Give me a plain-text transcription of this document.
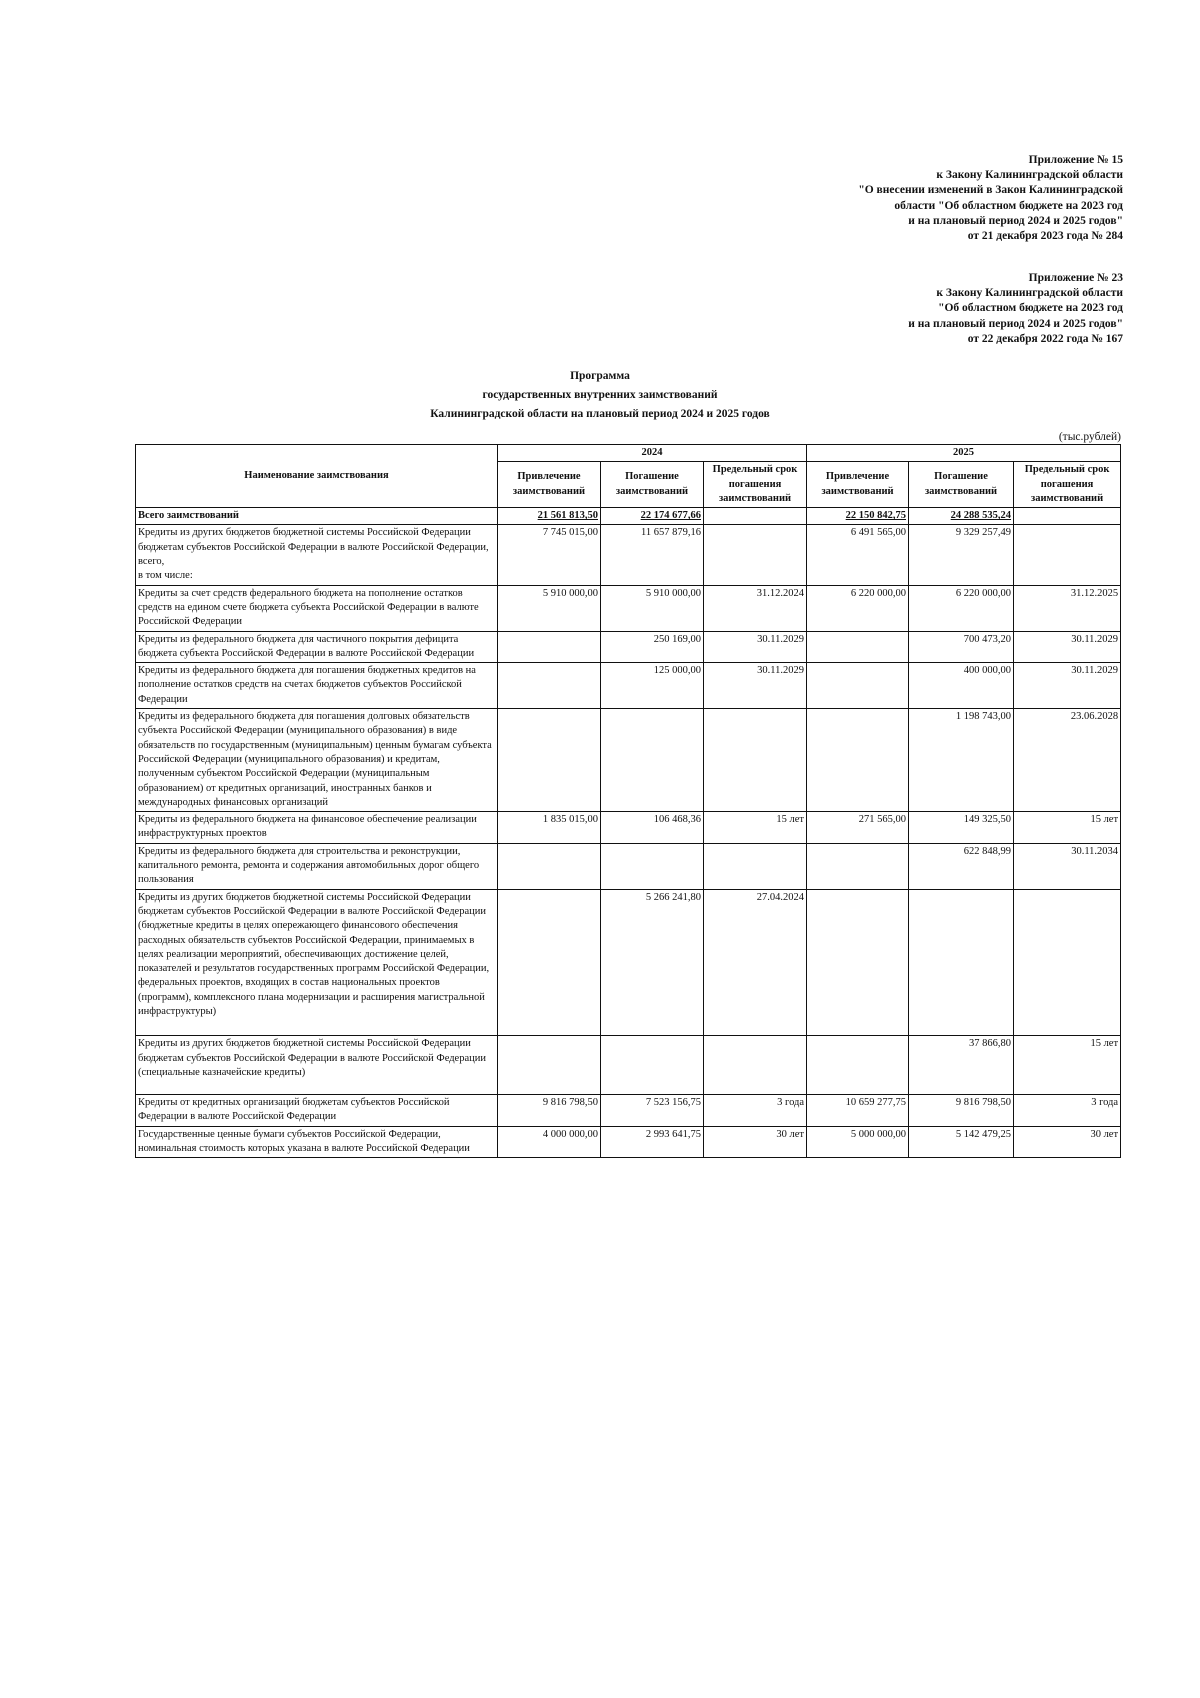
Приложение № 15
к Закону Калининградской области
"О внесении изменений в Закон Калининградской
области "Об областном бюджете на 2023 год
и на плановый период 2024 и 2025 годов"
от 21 декабря 2023 года № 284
Приложение № 23
к Закону Калининградской области
"Об областном бюджете на 2023 год
и на плановый период 2024 и 2025 годов"
от 22 декабря 2022 года № 167
Программа
государственных внутренних заимствований
Калининградской области на плановый период 2024 и 2025 годов
(тыс.рублей)
Наименование заимствования	2024			2025		
	Привлечение заимствований	Погашение заимствований	Предельный срок погашения заимствований	Привлечение заимствований	Погашение заимствований	Предельный срок погашения заимствований
Всего заимствований	21 561 813,50	22 174 677,66		22 150 842,75	24 288 535,24	
Кредиты из других бюджетов бюджетной системы Российской Федерации бюджетам субъектов Российской Федерации в валюте Российской Федерации, всего,
в том числе:	7 745 015,00	11 657 879,16		6 491 565,00	9 329 257,49	
Кредиты за счет средств федерального бюджета на пополнение остатков средств на едином счете бюджета субъекта Российской Федерации в валюте Российской Федерации	5 910 000,00	5 910 000,00	31.12.2024	6 220 000,00	6 220 000,00	31.12.2025
Кредиты из федерального бюджета для частичного покрытия дефицита бюджета субъекта Российской Федерации в валюте Российской Федерации		250 169,00	30.11.2029		700 473,20	30.11.2029
Кредиты из федерального бюджета для погашения бюджетных кредитов на пополнение остатков средств на счетах бюджетов субъектов Российской Федерации		125 000,00	30.11.2029		400 000,00	30.11.2029
Кредиты из федерального бюджета для погашения долговых обязательств субъекта Российской Федерации (муниципального образования) в виде обязательств по государственным (муниципальным) ценным бумагам субъекта Российской Федерации (муниципального образования) и кредитам, полученным субъектом Российской Федерации (муниципальным образованием) от кредитных организаций, иностранных банков и международных финансовых организаций					1 198 743,00	23.06.2028
Кредиты из федерального бюджета на финансовое обеспечение реализации инфраструктурных проектов	1 835 015,00	106 468,36	15 лет	271 565,00	149 325,50	15 лет
Кредиты из федерального бюджета для строительства и реконструкции, капитального ремонта, ремонта и содержания автомобильных дорог общего пользования					622 848,99	30.11.2034
Кредиты из других бюджетов бюджетной системы Российской Федерации бюджетам субъектов Российской Федерации в валюте Российской Федерации (бюджетные кредиты в целях опережающего финансового обеспечения расходных обязательств субъектов Российской Федерации, принимаемых в целях реализации мероприятий, обеспечивающих достижение целей, показателей и результатов государственных программ Российской Федерации, федеральных проектов, входящих в состав национальных проектов (программ), комплексного плана модернизации и расширения магистральной инфраструктуры)		5 266 241,80	27.04.2024			
Кредиты из других бюджетов бюджетной системы Российской Федерации бюджетам субъектов Российской Федерации в валюте Российской Федерации (специальные казначейские кредиты)					37 866,80	15 лет
Кредиты от кредитных организаций бюджетам субъектов Российской Федерации в валюте Российской Федерации	9 816 798,50	7 523 156,75	3 года	10 659 277,75	9 816 798,50	3 года
Государственные ценные бумаги субъектов Российской Федерации, номинальная стоимость которых указана в валюте Российской Федерации	4 000 000,00	2 993 641,75	30 лет	5 000 000,00	5 142 479,25	30 лет
